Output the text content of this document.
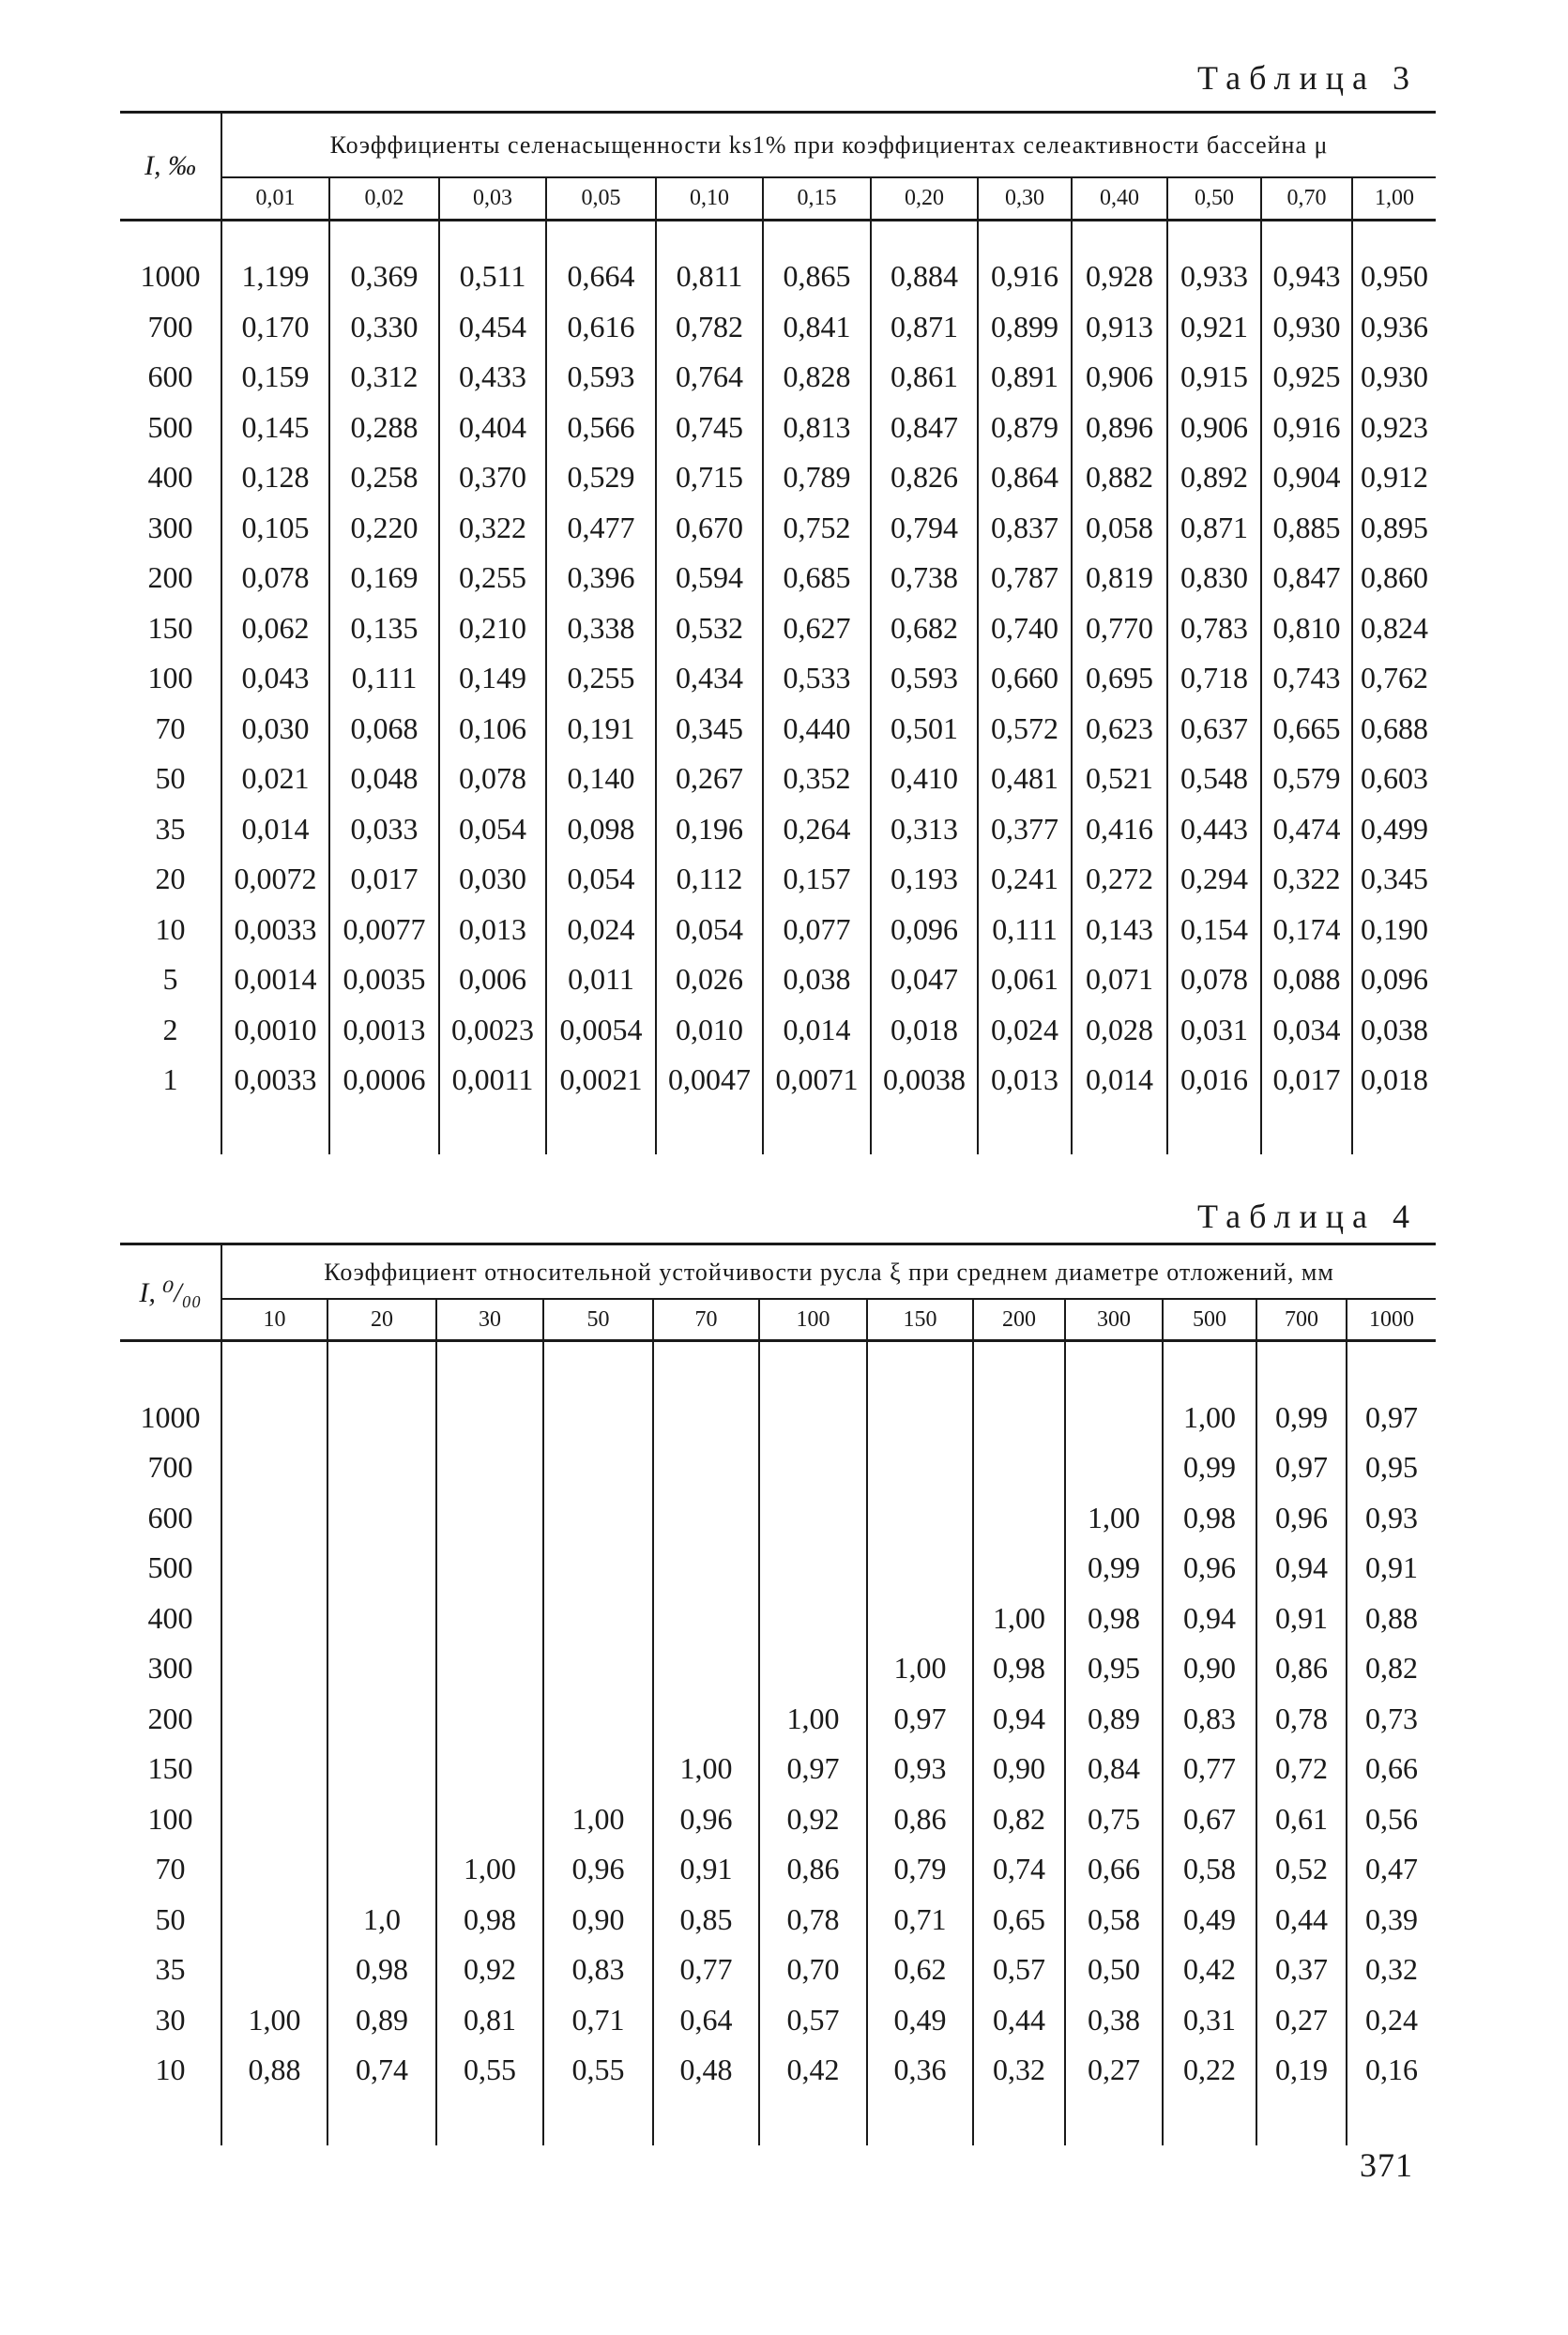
Таблица 3
I, ‰	Коэффициенты селенасыщенности ks1% при коэффициентах селеактивности бассейна μ											
	0,01	0,02	0,03	0,05	0,10	0,15	0,20	0,30	0,40	0,50	0,70	1,00

1000	1,199	0,369	0,511	0,664	0,811	0,865	0,884	0,916	0,928	0,933	0,943	0,950
700	0,170	0,330	0,454	0,616	0,782	0,841	0,871	0,899	0,913	0,921	0,930	0,936
600	0,159	0,312	0,433	0,593	0,764	0,828	0,861	0,891	0,906	0,915	0,925	0,930
500	0,145	0,288	0,404	0,566	0,745	0,813	0,847	0,879	0,896	0,906	0,916	0,923
400	0,128	0,258	0,370	0,529	0,715	0,789	0,826	0,864	0,882	0,892	0,904	0,912
300	0,105	0,220	0,322	0,477	0,670	0,752	0,794	0,837	0,058	0,871	0,885	0,895
200	0,078	0,169	0,255	0,396	0,594	0,685	0,738	0,787	0,819	0,830	0,847	0,860
150	0,062	0,135	0,210	0,338	0,532	0,627	0,682	0,740	0,770	0,783	0,810	0,824
100	0,043	0,111	0,149	0,255	0,434	0,533	0,593	0,660	0,695	0,718	0,743	0,762
70	0,030	0,068	0,106	0,191	0,345	0,440	0,501	0,572	0,623	0,637	0,665	0,688
50	0,021	0,048	0,078	0,140	0,267	0,352	0,410	0,481	0,521	0,548	0,579	0,603
35	0,014	0,033	0,054	0,098	0,196	0,264	0,313	0,377	0,416	0,443	0,474	0,499
20	0,0072	0,017	0,030	0,054	0,112	0,157	0,193	0,241	0,272	0,294	0,322	0,345
10	0,0033	0,0077	0,013	0,024	0,054	0,077	0,096	0,111	0,143	0,154	0,174	0,190
5	0,0014	0,0035	0,006	0,011	0,026	0,038	0,047	0,061	0,071	0,078	0,088	0,096
2	0,0010	0,0013	0,0023	0,0054	0,010	0,014	0,018	0,024	0,028	0,031	0,034	0,038
1	0,0033	0,0006	0,0011	0,0021	0,0047	0,0071	0,0038	0,013	0,014	0,016	0,017	0,018

Таблица 4
I, ⁰/₀₀	Коэффициент относительной устойчивости русла ξ при среднем диаметре отложений, мм											
	10	20	30	50	70	100	150	200	300	500	700	1000

1000										1,00	0,99	0,97
700										0,99	0,97	0,95
600									1,00	0,98	0,96	0,93
500									0,99	0,96	0,94	0,91
400								1,00	0,98	0,94	0,91	0,88
300							1,00	0,98	0,95	0,90	0,86	0,82
200						1,00	0,97	0,94	0,89	0,83	0,78	0,73
150					1,00	0,97	0,93	0,90	0,84	0,77	0,72	0,66
100				1,00	0,96	0,92	0,86	0,82	0,75	0,67	0,61	0,56
70			1,00	0,96	0,91	0,86	0,79	0,74	0,66	0,58	0,52	0,47
50		1,0	0,98	0,90	0,85	0,78	0,71	0,65	0,58	0,49	0,44	0,39
35		0,98	0,92	0,83	0,77	0,70	0,62	0,57	0,50	0,42	0,37	0,32
30	1,00	0,89	0,81	0,71	0,64	0,57	0,49	0,44	0,38	0,31	0,27	0,24
10	0,88	0,74	0,55	0,55	0,48	0,42	0,36	0,32	0,27	0,22	0,19	0,16

371
